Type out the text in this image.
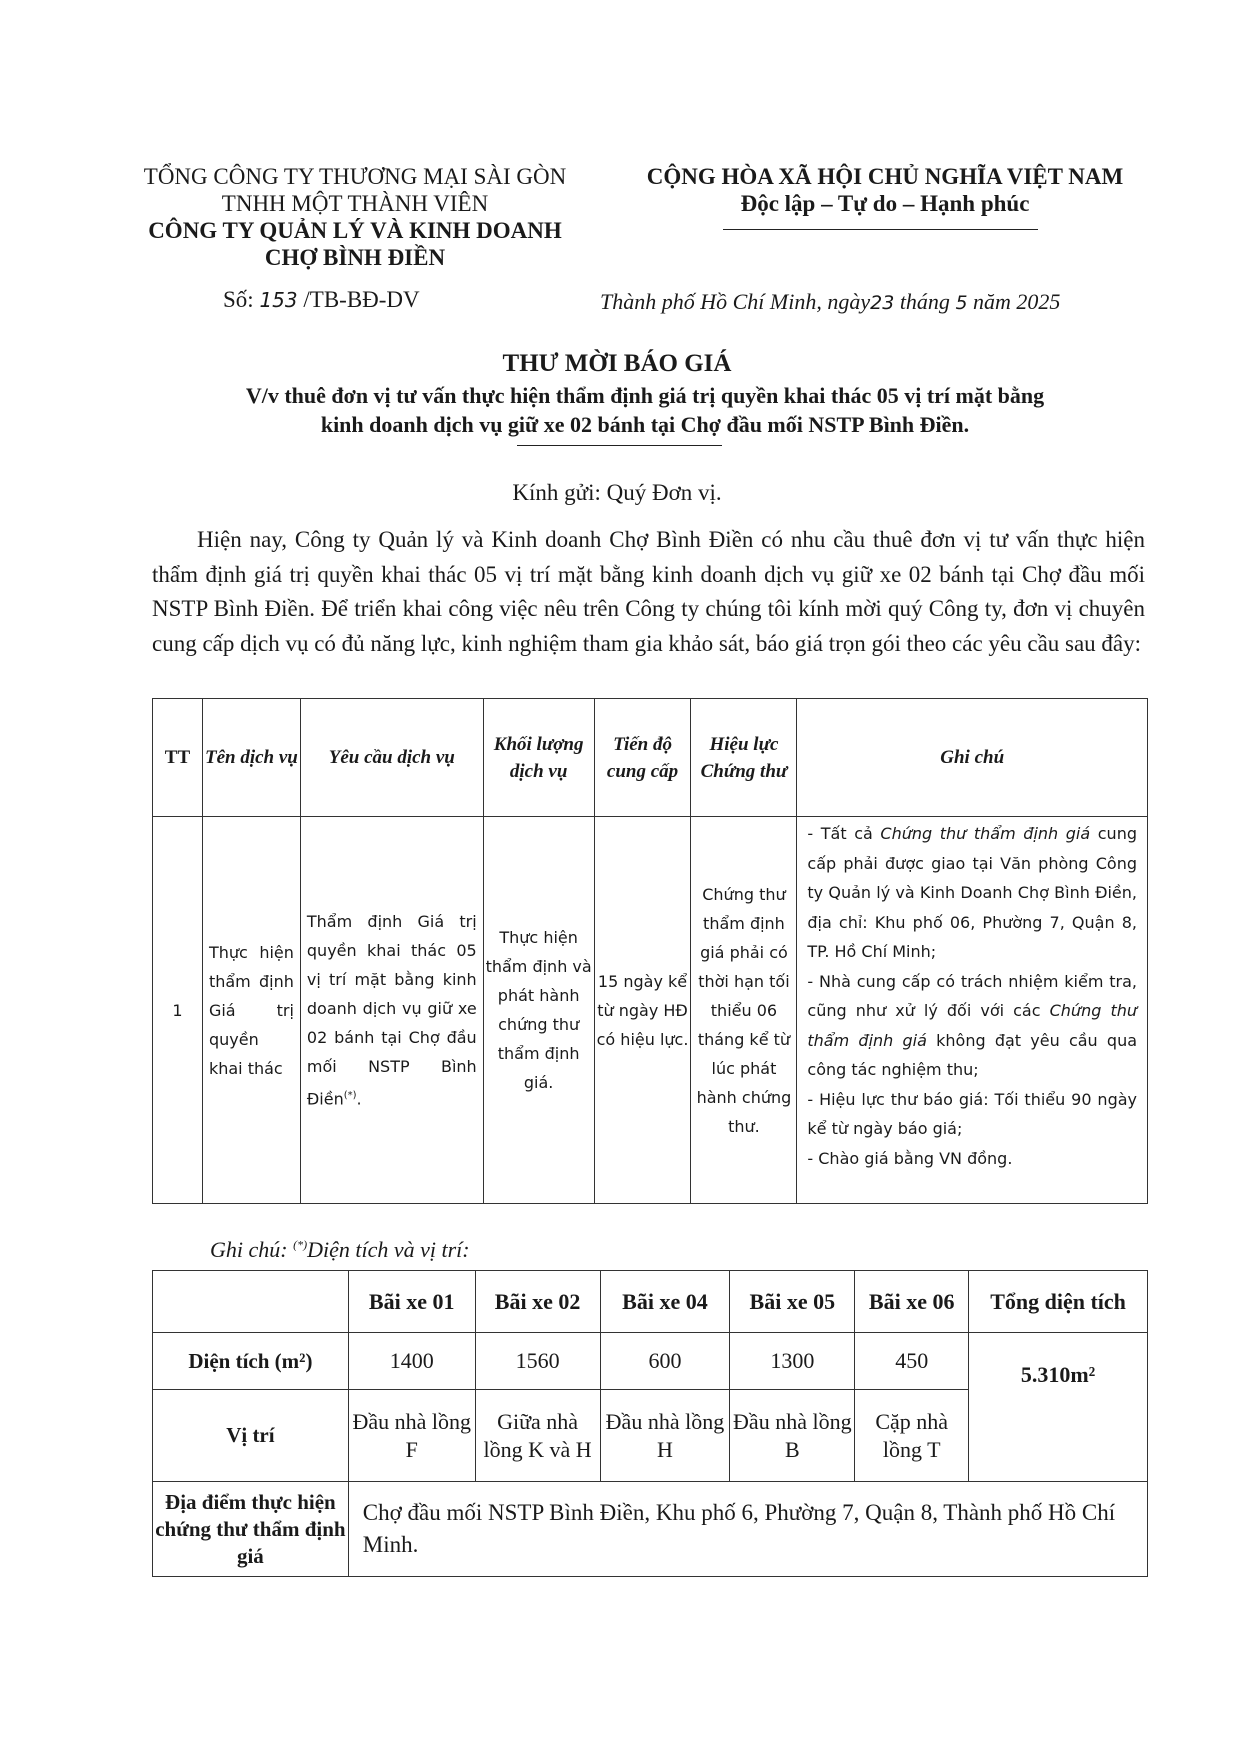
TỔNG CÔNG TY THƯƠNG MẠI SÀI GÒN
TNHH MỘT THÀNH VIÊN
CÔNG TY QUẢN LÝ VÀ KINH DOANH
CHỢ BÌNH ĐIỀN
Số: 153 /TB-BĐ-DV
CỘNG HÒA XÃ HỘI CHỦ NGHĨA VIỆT NAM
Độc lập – Tự do – Hạnh phúc
Thành phố Hồ Chí Minh, ngày23 tháng 5 năm 2025
THƯ MỜI BÁO GIÁ
V/v thuê đơn vị tư vấn thực hiện thẩm định giá trị quyền khai thác 05 vị trí mặt bằng
kinh doanh dịch vụ giữ xe 02 bánh tại Chợ đầu mối NSTP Bình Điền.
Kính gửi: Quý Đơn vị.
Hiện nay, Công ty Quản lý và Kinh doanh Chợ Bình Điền có nhu cầu thuê đơn vị tư vấn thực hiện thẩm định giá trị quyền khai thác 05 vị trí mặt bằng kinh doanh dịch vụ giữ xe 02 bánh tại Chợ đầu mối NSTP Bình Điền. Để triển khai công việc nêu trên Công ty chúng tôi kính mời quý Công ty, đơn vị chuyên cung cấp dịch vụ có đủ năng lực, kinh nghiệm tham gia khảo sát, báo giá trọn gói theo các yêu cầu sau đây:
TT	Tên dịch vụ	Yêu cầu dịch vụ	Khối lượng dịch vụ	Tiến độ cung cấp	Hiệu lực Chứng thư	Ghi chú
1	Thực hiện thẩm định Giá trị quyền khai thác	Thẩm định Giá trị quyền khai thác 05 vị trí mặt bằng kinh doanh dịch vụ giữ xe 02 bánh tại Chợ đầu mối NSTP Bình Điền(*).	Thực hiện thẩm định và phát hành chứng thư thẩm định giá.	15 ngày kể từ ngày HĐ có hiệu lực.	Chứng thư thẩm định giá phải có thời hạn tối thiểu 06 tháng kể từ lúc phát hành chứng thư.	- Tất cả Chứng thư thẩm định giá cung cấp phải được giao tại Văn phòng Công ty Quản lý và Kinh Doanh Chợ Bình Điền, địa chỉ: Khu phố 06, Phường 7, Quận 8, TP. Hồ Chí Minh;
- Nhà cung cấp có trách nhiệm kiểm tra, cũng như xử lý đối với các Chứng thư thẩm định giá không đạt yêu cầu qua công tác nghiệm thu;
- Hiệu lực thư báo giá: Tối thiểu 90 ngày kể từ ngày báo giá;
- Chào giá bằng VN đồng.
Ghi chú: (*)Diện tích và vị trí:
	Bãi xe 01	Bãi xe 02	Bãi xe 04	Bãi xe 05	Bãi xe 06	Tổng diện tích
Diện tích (m²)	1400	1560	600	1300	450	5.310m²
Vị trí	Đầu nhà lồng F	Giữa nhà lồng K và H	Đầu nhà lồng H	Đầu nhà lồng B	Cặp nhà lồng T	
Địa điểm thực hiện chứng thư thẩm định giá	Chợ đầu mối NSTP Bình Điền, Khu phố 6, Phường 7, Quận 8, Thành phố Hồ Chí Minh.					
